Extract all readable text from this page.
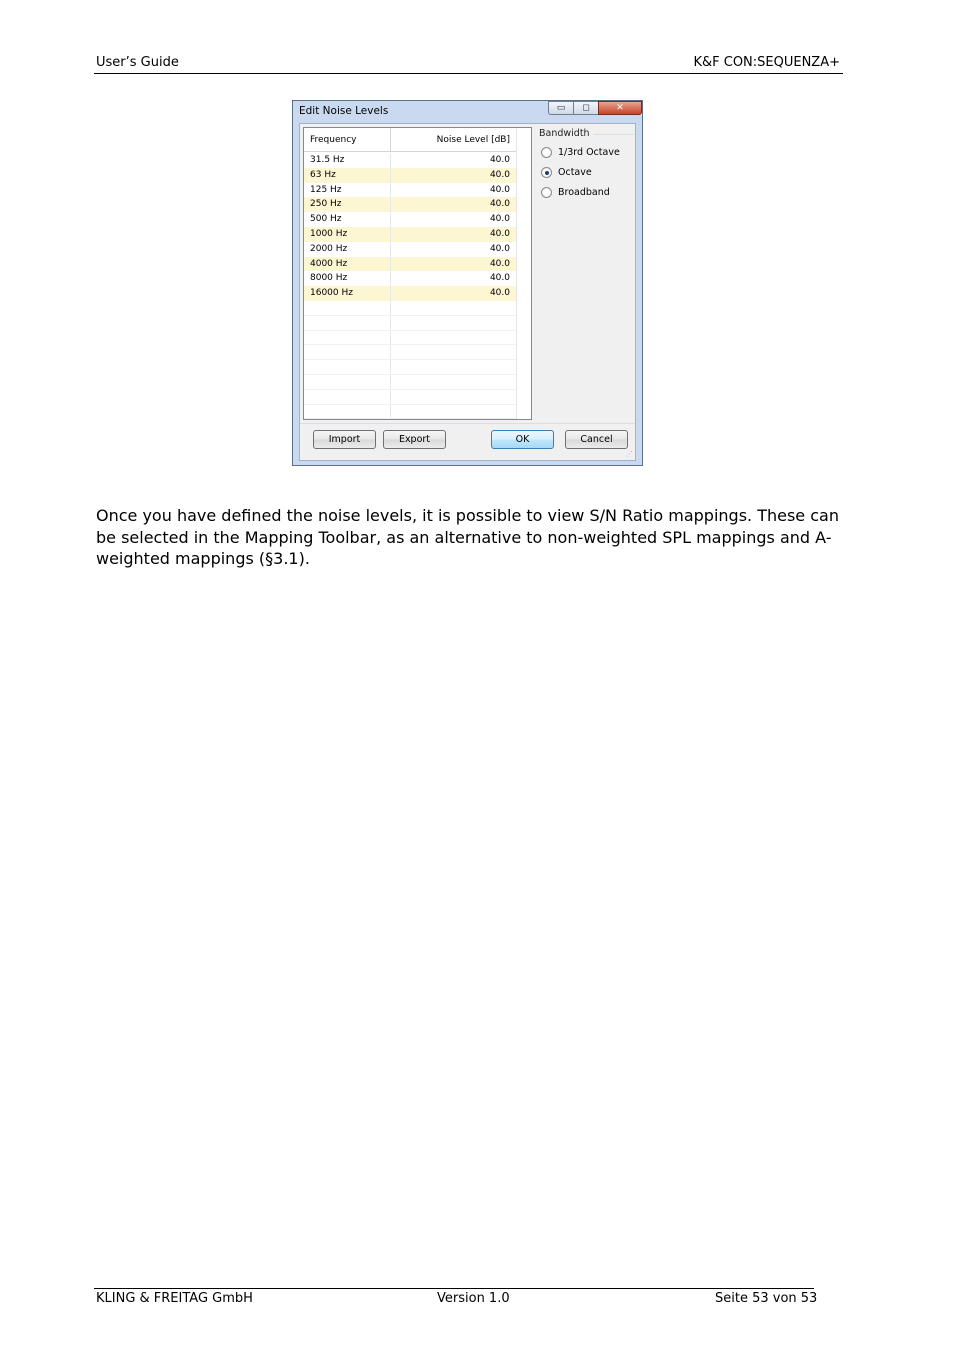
User’s Guide	K&F CON:SEQUENZA+
Edit Noise Levels	▭	◻	✕
Frequency	Noise Level [dB]
31.5 Hz	40.0
63 Hz	40.0
125 Hz	40.0
250 Hz	40.0
500 Hz	40.0
1000 Hz	40.0
2000 Hz	40.0
4000 Hz	40.0
8000 Hz	40.0
16000 Hz	40.0
Bandwidth
1/3rd Octave
Octave
Broadband
Import	Export	OK	Cancel
⋰
Once you have defined the noise levels, it is possible to view S/N Ratio mappings. These can be selected in the Mapping Toolbar, as an alternative to non-weighted SPL mappings and A-weighted mappings (§3.1).
KLING & FREITAG GmbH	Version 1.0	Seite 53 von 53
